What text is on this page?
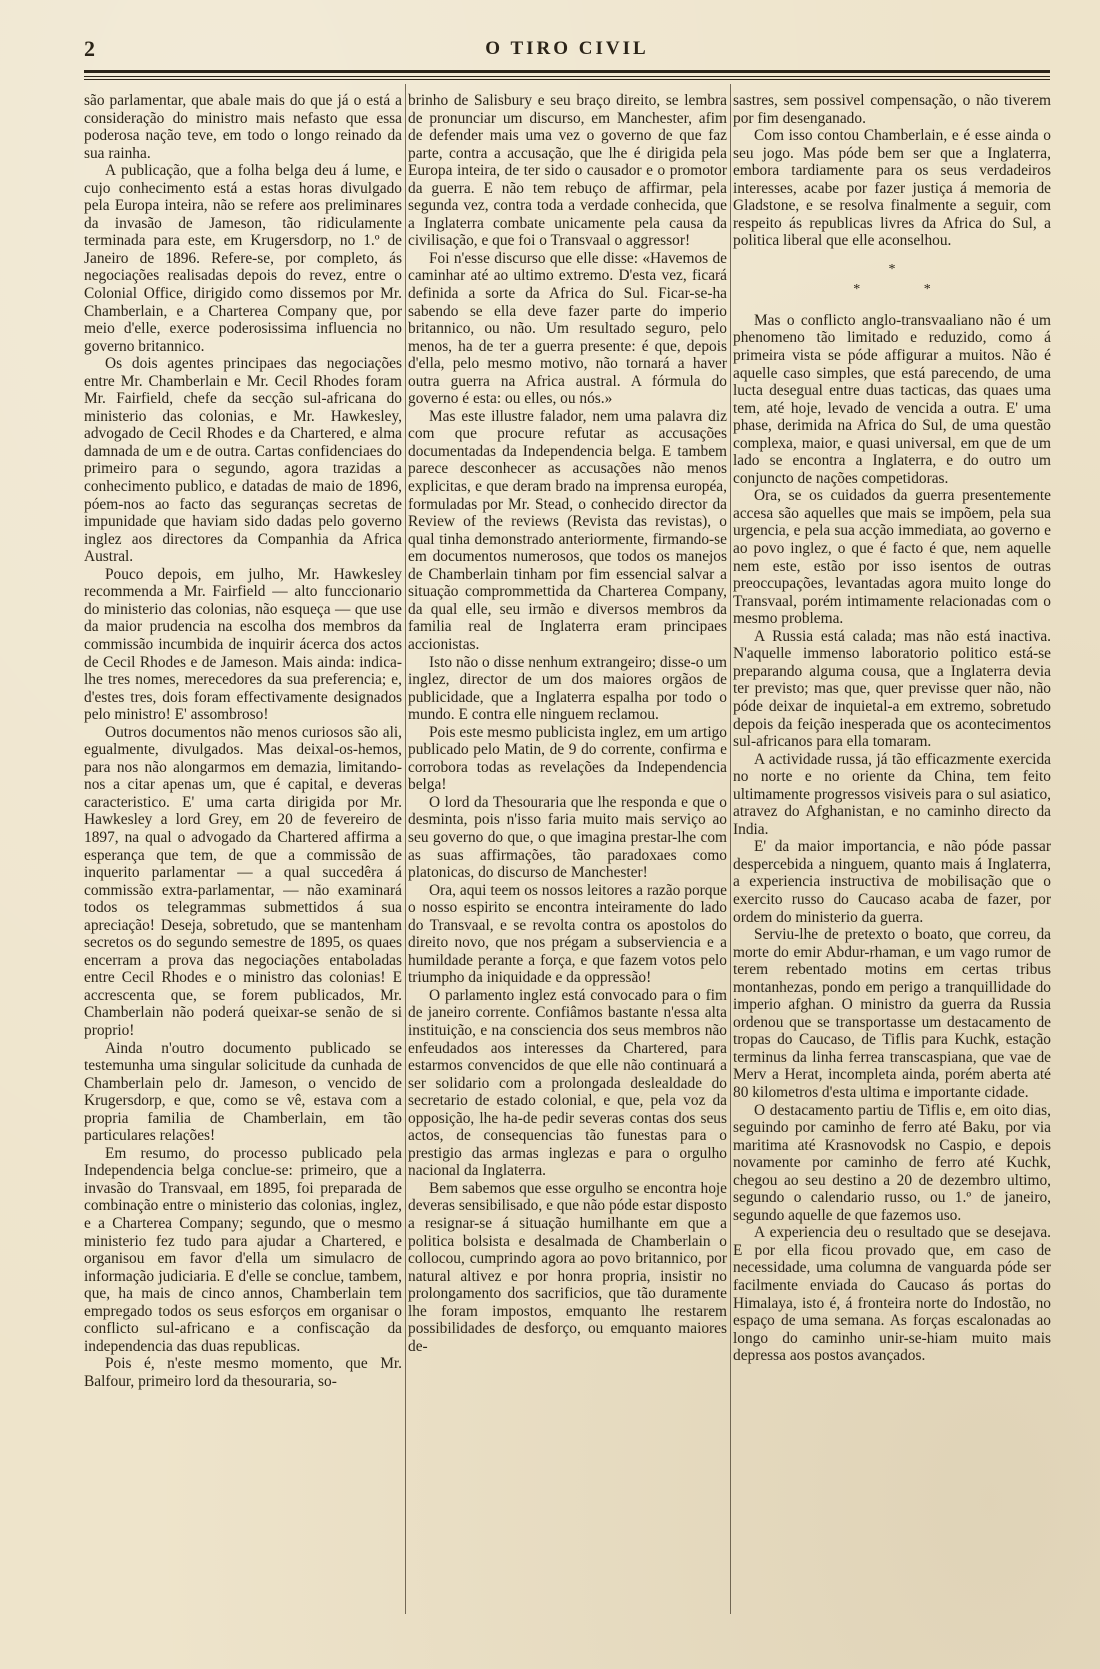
2	O TIRO CIVIL

são parlamentar, que abale mais do que já o está a consideração do ministro mais nefasto que essa poderosa nação teve, em todo o longo reinado da sua rainha.

A publicação, que a folha belga deu á lume, e cujo conhecimento está a estas horas divulgado pela Europa inteira, não se refere aos preliminares da invasão de Jameson, tão ridiculamente terminada para este, em Krugersdorp, no 1.º de Janeiro de 1896. Refere-se, por completo, ás negociações realisadas depois do revez, entre o Colonial Office, dirigido como dissemos por Mr. Chamberlain, e a Charterea Company que, por meio d'elle, exerce poderosissima influencia no governo britannico.

Os dois agentes principaes das negociações entre Mr. Chamberlain e Mr. Cecil Rhodes foram Mr. Fairfield, chefe da secção sul-africana do ministerio das colonias, e Mr. Hawkesley, advogado de Cecil Rhodes e da Chartered, e alma damnada de um e de outra. Cartas confidenciaes do primeiro para o segundo, agora trazidas a conhecimento publico, e datadas de maio de 1896, póem-nos ao facto das seguranças secretas de impunidade que haviam sido dadas pelo governo inglez aos directores da Companhia da Africa Austral.

Pouco depois, em julho, Mr. Hawkesley recommenda a Mr. Fairfield — alto funccionario do ministerio das colonias, não esqueça — que use da maior prudencia na escolha dos membros da commissão incumbida de inquirir ácerca dos actos de Cecil Rhodes e de Jameson. Mais ainda: indica-lhe tres nomes, merecedores da sua preferencia; e, d'estes tres, dois foram effectivamente designados pelo ministro! E' assombroso!

Outros documentos não menos curiosos são ali, egualmente, divulgados. Mas deixal-os-hemos, para nos não alongarmos em demazia, limitando-nos a citar apenas um, que é capital, e deveras caracteristico. E' uma carta dirigida por Mr. Hawkesley a lord Grey, em 20 de fevereiro de 1897, na qual o advogado da Chartered affirma a esperança que tem, de que a commissão de inquerito parlamentar — a qual succedêra á commissão extra-parlamentar, — não examinará todos os telegrammas submettidos á sua apreciação! Deseja, sobretudo, que se mantenham secretos os do segundo semestre de 1895, os quaes encerram a prova das negociações entaboladas entre Cecil Rhodes e o ministro das colonias! E accrescenta que, se forem publicados, Mr. Chamberlain não poderá queixar-se senão de si proprio!

Ainda n'outro documento publicado se testemunha uma singular solicitude da cunhada de Chamberlain pelo dr. Jameson, o vencido de Krugersdorp, e que, como se vê, estava com a propria familia de Chamberlain, em tão particulares relações!

Em resumo, do processo publicado pela Independencia belga conclue-se: primeiro, que a invasão do Transvaal, em 1895, foi preparada de combinação entre o ministerio das colonias, inglez, e a Charterea Company; segundo, que o mesmo ministerio fez tudo para ajudar a Chartered, e organisou em favor d'ella um simulacro de informação judiciaria. E d'elle se conclue, tambem, que, ha mais de cinco annos, Chamberlain tem empregado todos os seus esforços em organisar o conflicto sul-africano e a confiscação da independencia das duas republicas.

Pois é, n'este mesmo momento, que Mr. Balfour, primeiro lord da thesouraria, so-

brinho de Salisbury e seu braço direito, se lembra de pronunciar um discurso, em Manchester, afim de defender mais uma vez o governo de que faz parte, contra a accusação, que lhe é dirigida pela Europa inteira, de ter sido o causador e o promotor da guerra. E não tem rebuço de affirmar, pela segunda vez, contra toda a verdade conhecida, que a Inglaterra combate unicamente pela causa da civilisação, e que foi o Transvaal o aggressor!

Foi n'esse discurso que elle disse: «Havemos de caminhar até ao ultimo extremo. D'esta vez, ficará definida a sorte da Africa do Sul. Ficar-se-ha sabendo se ella deve fazer parte do imperio britannico, ou não. Um resultado seguro, pelo menos, ha de ter a guerra presente: é que, depois d'ella, pelo mesmo motivo, não tornará a haver outra guerra na Africa austral. A fórmula do governo é esta: ou elles, ou nós.»

Mas este illustre falador, nem uma palavra diz com que procure refutar as accusações documentadas da Independencia belga. E tambem parece desconhecer as accusações não menos explicitas, e que deram brado na imprensa européa, formuladas por Mr. Stead, o conhecido director da Review of the reviews (Revista das revistas), o qual tinha demonstrado anteriormente, firmando-se em documentos numerosos, que todos os manejos de Chamberlain tinham por fim essencial salvar a situação comprommettida da Charterea Company, da qual elle, seu irmão e diversos membros da familia real de Inglaterra eram principaes accionistas.

Isto não o disse nenhum extrangeiro; disse-o um inglez, director de um dos maiores orgãos de publicidade, que a Inglaterra espalha por todo o mundo. E contra elle ninguem reclamou.

Pois este mesmo publicista inglez, em um artigo publicado pelo Matin, de 9 do corrente, confirma e corrobora todas as revelações da Independencia belga!

O lord da Thesouraria que lhe responda e que o desminta, pois n'isso faria muito mais serviço ao seu governo do que, o que imagina prestar-lhe com as suas affirmações, tão paradoxaes como platonicas, do discurso de Manchester!

Ora, aqui teem os nossos leitores a razão porque o nosso espirito se encontra inteiramente do lado do Transvaal, e se revolta contra os apostolos do direito novo, que nos prégam a subserviencia e a humildade perante a força, e que fazem votos pelo triumpho da iniquidade e da oppressão!

O parlamento inglez está convocado para o fim de janeiro corrente. Confiâmos bastante n'essa alta instituição, e na consciencia dos seus membros não enfeudados aos interesses da Chartered, para estarmos convencidos de que elle não continuará a ser solidario com a prolongada deslealdade do secretario de estado colonial, e que, pela voz da opposição, lhe ha-de pedir severas contas dos seus actos, de consequencias tão funestas para o prestigio das armas inglezas e para o orgulho nacional da Inglaterra.

Bem sabemos que esse orgulho se encontra hoje deveras sensibilisado, e que não póde estar disposto a resignar-se á situação humilhante em que a politica bolsista e desalmada de Chamberlain o collocou, cumprindo agora ao povo britannico, por natural altivez e por honra propria, insistir no prolongamento dos sacrificios, que tão duramente lhe foram impostos, emquanto lhe restarem possibilidades de desforço, ou emquanto maiores de-

sastres, sem possivel compensação, o não tiverem por fim desenganado.

Com isso contou Chamberlain, e é esse ainda o seu jogo. Mas póde bem ser que a Inglaterra, embora tardiamente para os seus verdadeiros interesses, acabe por fazer justiça á memoria de Gladstone, e se resolva finalmente a seguir, com respeito ás republicas livres da Africa do Sul, a politica liberal que elle aconselhou.

*
* *

Mas o conflicto anglo-transvaaliano não é um phenomeno tão limitado e reduzido, como á primeira vista se póde affigurar a muitos. Não é aquelle caso simples, que está parecendo, de uma lucta desegual entre duas tacticas, das quaes uma tem, até hoje, levado de vencida a outra. E' uma phase, derimida na Africa do Sul, de uma questão complexa, maior, e quasi universal, em que de um lado se encontra a Inglaterra, e do outro um conjuncto de nações competidoras.

Ora, se os cuidados da guerra presentemente accesa são aquelles que mais se impõem, pela sua urgencia, e pela sua acção immediata, ao governo e ao povo inglez, o que é facto é que, nem aquelle nem este, estão por isso isentos de outras preoccupações, levantadas agora muito longe do Transvaal, porém intimamente relacionadas com o mesmo problema.

A Russia está calada; mas não está inactiva. N'aquelle immenso laboratorio politico está-se preparando alguma cousa, que a Inglaterra devia ter previsto; mas que, quer previsse quer não, não póde deixar de inquietal-a em extremo, sobretudo depois da feição inesperada que os acontecimentos sul-africanos para ella tomaram.

A actividade russa, já tão efficazmente exercida no norte e no oriente da China, tem feito ultimamente progressos visiveis para o sul asiatico, atravez do Afghanistan, e no caminho directo da India.

E' da maior importancia, e não póde passar despercebida a ninguem, quanto mais á Inglaterra, a experiencia instructiva de mobilisação que o exercito russo do Caucaso acaba de fazer, por ordem do ministerio da guerra.

Serviu-lhe de pretexto o boato, que correu, da morte do emir Abdur-rhaman, e um vago rumor de terem rebentado motins em certas tribus montanhezas, pondo em perigo a tranquillidade do imperio afghan. O ministro da guerra da Russia ordenou que se transportasse um destacamento de tropas do Caucaso, de Tiflis para Kuchk, estação terminus da linha ferrea transcaspiana, que vae de Merv a Herat, incompleta ainda, porém aberta até 80 kilometros d'esta ultima e importante cidade.

O destacamento partiu de Tiflis e, em oito dias, seguindo por caminho de ferro até Baku, por via maritima até Krasnovodsk no Caspio, e depois novamente por caminho de ferro até Kuchk, chegou ao seu destino a 20 de dezembro ultimo, segundo o calendario russo, ou 1.º de janeiro, segundo aquelle de que fazemos uso.

A experiencia deu o resultado que se desejava. E por ella ficou provado que, em caso de necessidade, uma columna de vanguarda póde ser facilmente enviada do Caucaso ás portas do Himalaya, isto é, á fronteira norte do Indostão, no espaço de uma semana. As forças escalonadas ao longo do caminho unir-se-hiam muito mais depressa aos postos avançados.
